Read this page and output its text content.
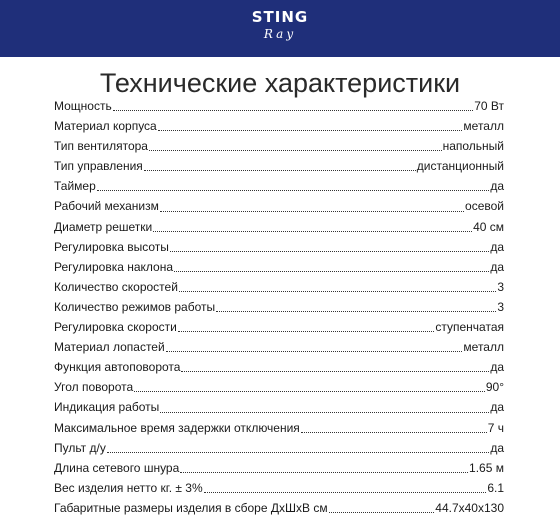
STING
Ray
Технические характеристики
Мощность	70 Вт
Материал корпуса	металл
Тип вентилятора	напольный
Тип управления	дистанционный
Таймер	да
Рабочий механизм	осевой
Диаметр решетки	40 см
Регулировка высоты	да
Регулировка наклона	да
Количество скоростей	3
Количество режимов работы	3
Регулировка скорости	ступенчатая
Материал лопастей	металл
Функция автоповорота	да
Угол поворота	90°
Индикация работы	да
Максимальное время задержки отключения	7 ч
Пульт д/у	да
Длина сетевого шнура	1.65 м
Вес изделия нетто кг. ± 3%	6.1
Габаритные размеры изделия в сборе ДхШхВ см	44.7x40x130
